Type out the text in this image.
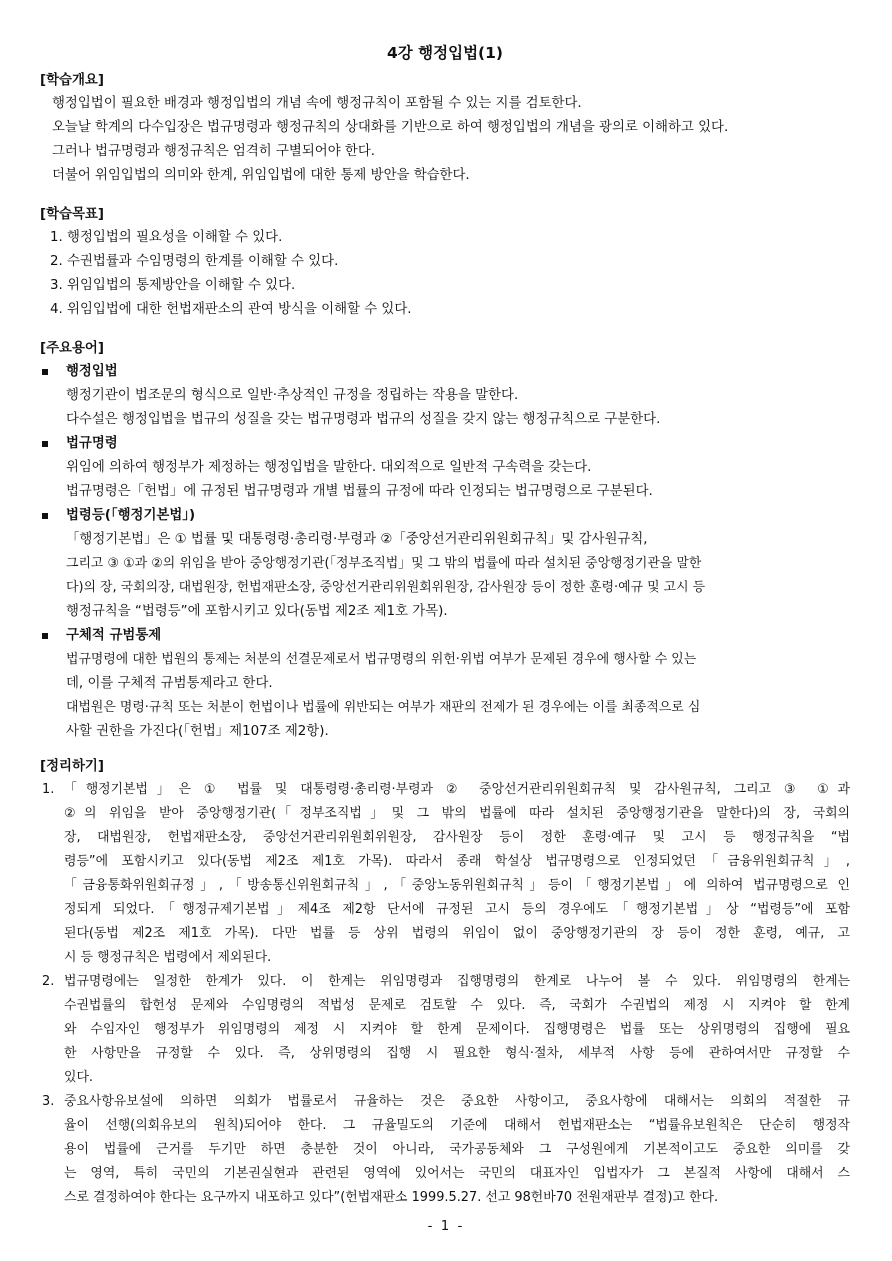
4강 행정입법(1)
[학습개요]
행정입법이 필요한 배경과 행정입법의 개념 속에 행정규칙이 포함될 수 있는 지를 검토한다.
오늘날 학계의 다수입장은 법규명령과 행정규칙의 상대화를 기반으로 하여 행정입법의 개념을 광의로 이해하고 있다.
그러나 법규명령과 행정규칙은 엄격히 구별되어야 한다.
더불어 위임입법의 의미와 한계, 위임입법에 대한 통제 방안을 학습한다.
[학습목표]
1. 행정입법의 필요성을 이해할 수 있다.
2. 수권법률과 수임명령의 한계를 이해할 수 있다.
3. 위임입법의 통제방안을 이해할 수 있다.
4. 위임입법에 대한 헌법재판소의 관여 방식을 이해할 수 있다.
[주요용어]
행정입법
행정기관이 법조문의 형식으로 일반·추상적인 규정을 정립하는 작용을 말한다.
다수설은 행정입법을 법규의 성질을 갖는 법규명령과 법규의 성질을 갖지 않는 행정규칙으로 구분한다.
법규명령
위임에 의하여 행정부가 제정하는 행정입법을 말한다. 대외적으로 일반적 구속력을 갖는다.
법규명령은「헌법」에 규정된 법규명령과 개별 법률의 규정에 따라 인정되는 법규명령으로 구분된다.
법령등(「행정기본법」)
「행정기본법」은 ① 법률 및 대통령령·총리령·부령과 ②「중앙선거관리위원회규칙」및 감사원규칙,
그리고 ③ ①과 ②의 위임을 받아 중앙행정기관(「정부조직법」및 그 밖의 법률에 따라 설치된 중앙행정기관을 말한
다)의 장, 국회의장, 대법원장, 헌법재판소장, 중앙선거관리위원회위원장, 감사원장 등이 정한 훈령·예규 및 고시 등
행정규칙을 “법령등”에 포함시키고 있다(동법 제2조 제1호 가목).
구체적 규범통제
법규명령에 대한 법원의 통제는 처분의 선결문제로서 법규명령의 위헌·위법 여부가 문제된 경우에 행사할 수 있는
데, 이를 구체적 규범통제라고 한다.
대법원은 명령·규칙 또는 처분이 헌법이나 법률에 위반되는 여부가 재판의 전제가 된 경우에는 이를 최종적으로 심
사할 권한을 가진다(「헌법」제107조 제2항).
[정리하기]
1. 「행정기본법」은 ① 법률 및 대통령령·총리령·부령과 ② 중앙선거관리위원회규칙 및 감사원규칙, 그리고 ③ ①과
②의 위임을 받아 중앙행정기관(「정부조직법」및 그 밖의 법률에 따라 설치된 중앙행정기관을 말한다)의 장, 국회의
장, 대법원장, 헌법재판소장, 중앙선거관리위원회위원장, 감사원장 등이 정한 훈령·예규 및 고시 등 행정규칙을 “법
령등”에 포함시키고 있다(동법 제2조 제1호 가목). 따라서 종래 학설상 법규명령으로 인정되었던「금융위원회규칙」,
「금융통화위원회규정」,「방송통신위원회규칙」,「중앙노동위원회규칙」등이「행정기본법」에 의하여 법규명령으로 인
정되게 되었다.「행정규제기본법」제4조 제2항 단서에 규정된 고시 등의 경우에도「행정기본법」상 “법령등”에 포함
된다(동법 제2조 제1호 가목). 다만 법률 등 상위 법령의 위임이 없이 중앙행정기관의 장 등이 정한 훈령, 예규, 고
시 등 행정규칙은 법령에서 제외된다.
2. 법규명령에는 일정한 한계가 있다. 이 한계는 위임명령과 집행명령의 한계로 나누어 볼 수 있다. 위임명령의 한계는
수권법률의 합헌성 문제와 수임명령의 적법성 문제로 검토할 수 있다. 즉, 국회가 수권법의 제정 시 지켜야 할 한계
와 수임자인 행정부가 위임명령의 제정 시 지켜야 할 한계 문제이다. 집행명령은 법률 또는 상위명령의 집행에 필요
한 사항만을 규정할 수 있다. 즉, 상위명령의 집행 시 필요한 형식·절차, 세부적 사항 등에 관하여서만 규정할 수
있다.
3. 중요사항유보설에 의하면 의회가 법률로서 규율하는 것은 중요한 사항이고, 중요사항에 대해서는 의회의 적절한 규
율이 선행(의회유보의 원칙)되어야 한다. 그 규율밀도의 기준에 대해서 헌법재판소는 “법률유보원칙은 단순히 행정작
용이 법률에 근거를 두기만 하면 충분한 것이 아니라, 국가공동체와 그 구성원에게 기본적이고도 중요한 의미를 갖
는 영역, 특히 국민의 기본권실현과 관련된 영역에 있어서는 국민의 대표자인 입법자가 그 본질적 사항에 대해서 스
스로 결정하여야 한다는 요구까지 내포하고 있다”(헌법재판소 1999.5.27. 선고 98헌바70 전원재판부 결정)고 한다.
- 1 -
